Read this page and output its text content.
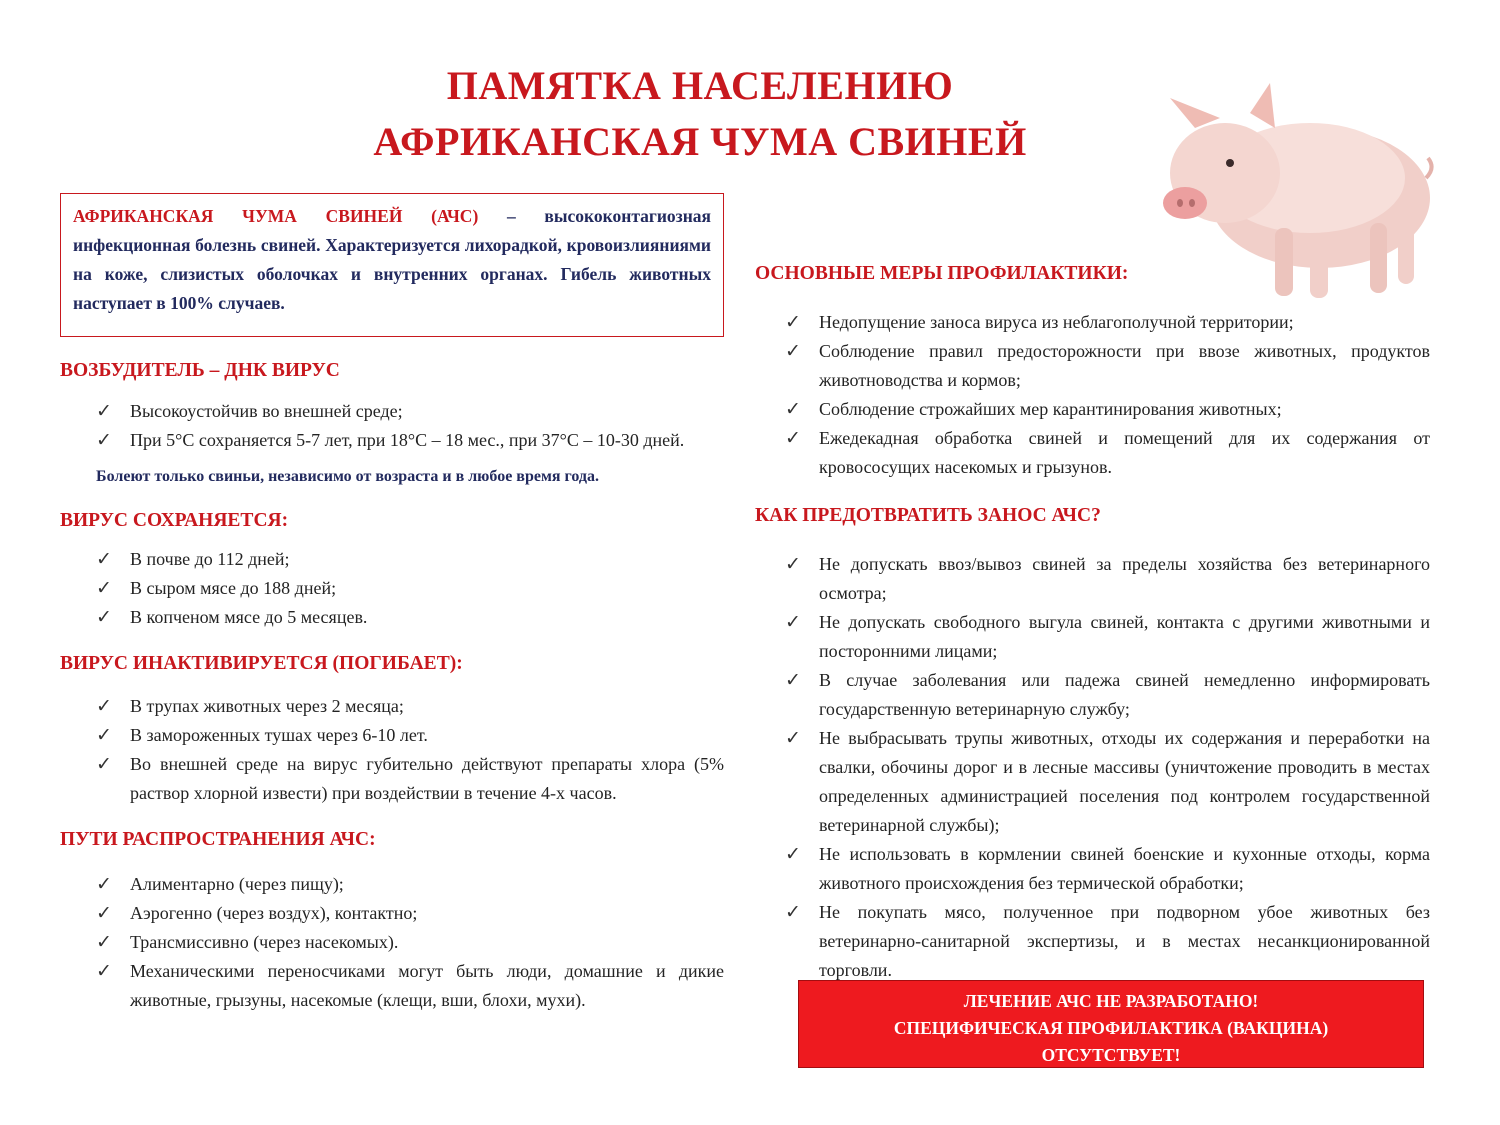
ПАМЯТКА НАСЕЛЕНИЮ
АФРИКАНСКАЯ ЧУМА СВИНЕЙ
АФРИКАНСКАЯ ЧУМА СВИНЕЙ (АЧС) – высококонтагиозная инфекционная болезнь свиней. Характеризуется лихорадкой, кровоизлияниями на коже, слизистых оболочках и внутренних органах. Гибель животных наступает в 100% случаев.
ВОЗБУДИТЕЛЬ – ДНК ВИРУС
✓ Высокоустойчив во внешней среде;
✓ При 5°С сохраняется 5-7 лет, при 18°С – 18 мес., при 37°С – 10-30 дней.

Болеют только свиньи, независимо от возраста и в любое время года.

ВИРУС СОХРАНЯЕТСЯ:
✓ В почве до 112 дней;
✓ В сыром мясе до 188 дней;
✓ В копченом мясе до 5 месяцев.
ВИРУС ИНАКТИВИРУЕТСЯ (ПОГИБАЕТ):
✓ В трупах животных через 2 месяца;
✓ В замороженных тушах через 6-10 лет.
✓ Во внешней среде на вирус губительно действуют препараты хлора (5% раствор хлорной извести) при воздействии в течение 4-х часов.
ПУТИ РАСПРОСТРАНЕНИЯ АЧС:
✓ Алиментарно (через пищу);
✓ Аэрогенно (через воздух), контактно;
✓ Трансмиссивно (через насекомых).
✓ Механическими переносчиками могут быть люди, домашние и дикие животные, грызуны, насекомые (клещи, вши, блохи, мухи).
ОСНОВНЫЕ МЕРЫ ПРОФИЛАКТИКИ:
✓ Недопущение заноса вируса из неблагополучной территории;
✓ Соблюдение правил предосторожности при ввозе животных, продуктов животноводства и кормов;
✓ Соблюдение строжайших мер карантинирования животных;
✓ Ежедекадная обработка свиней и помещений для их содержания от кровососущих насекомых и грызунов.
КАК ПРЕДОТВРАТИТЬ ЗАНОС АЧС?
✓ Не допускать ввоз/вывоз свиней за пределы хозяйства без ветеринарного осмотра;
✓ Не допускать свободного выгула свиней, контакта с другими животными и посторонними лицами;
✓ В случае заболевания или падежа свиней немедленно информировать государственную ветеринарную службу;
✓ Не выбрасывать трупы животных, отходы их содержания и переработки на свалки, обочины дорог и в лесные массивы (уничтожение проводить в местах определенных администрацией поселения под контролем государственной ветеринарной службы);
✓ Не использовать в кормлении свиней боенские и кухонные отходы, корма животного происхождения без термической обработки;
✓ Не покупать мясо, полученное при подворном убое животных без ветеринарно-санитарной экспертизы, и в местах несанкционированной торговли.
ЛЕЧЕНИЕ АЧС НЕ РАЗРАБОТАНО!
СПЕЦИФИЧЕСКАЯ ПРОФИЛАКТИКА (ВАКЦИНА)
ОТСУТСТВУЕТ!
